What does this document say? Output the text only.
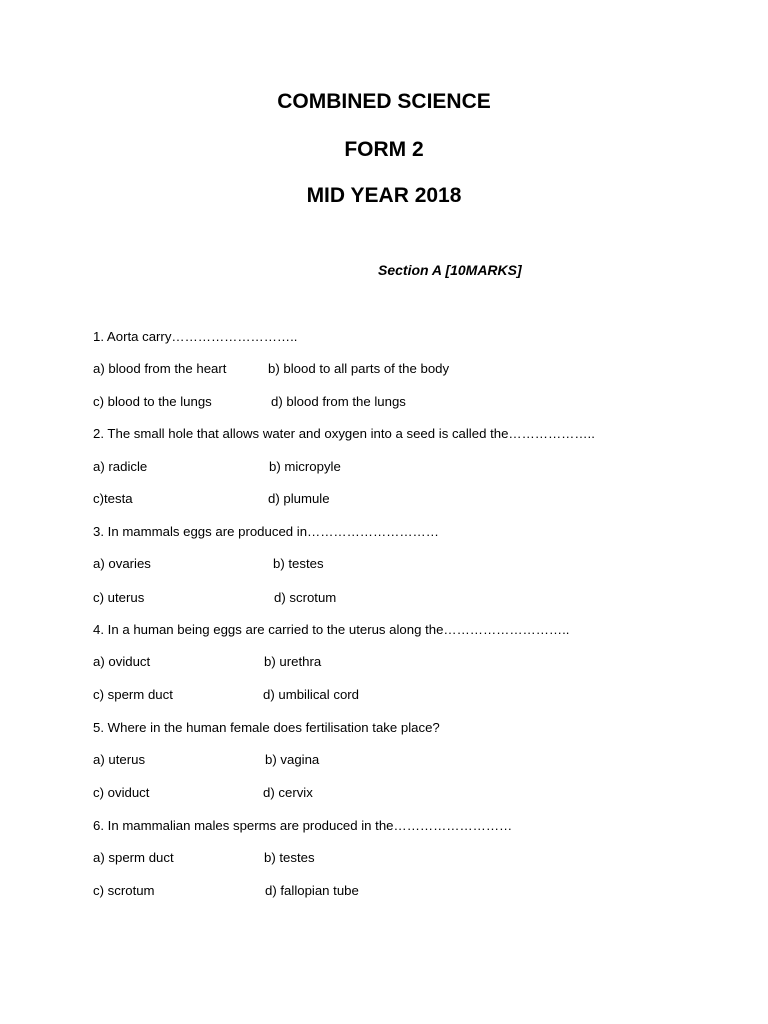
COMBINED SCIENCE
FORM 2
MID YEAR 2018
Section A [10MARKS]
1. Aorta carry………………………..
a) blood from the heart	b) blood to all parts of the body
c) blood to the lungs	d) blood from the lungs
2. The small hole that allows water and oxygen into a seed is called the………………..
a) radicle	b) micropyle
c)testa	d) plumule
3. In mammals eggs are produced in…………………………
a) ovaries	b) testes
c) uterus	d) scrotum
4. In a human being eggs are carried to the uterus along the………………………..
a) oviduct	b) urethra
c) sperm duct	d) umbilical cord
5. Where in the human female does fertilisation take place?
a) uterus	b) vagina
c) oviduct	d) cervix
6. In mammalian males sperms are produced in the………………………
a) sperm duct	b) testes
c) scrotum	d) fallopian tube
